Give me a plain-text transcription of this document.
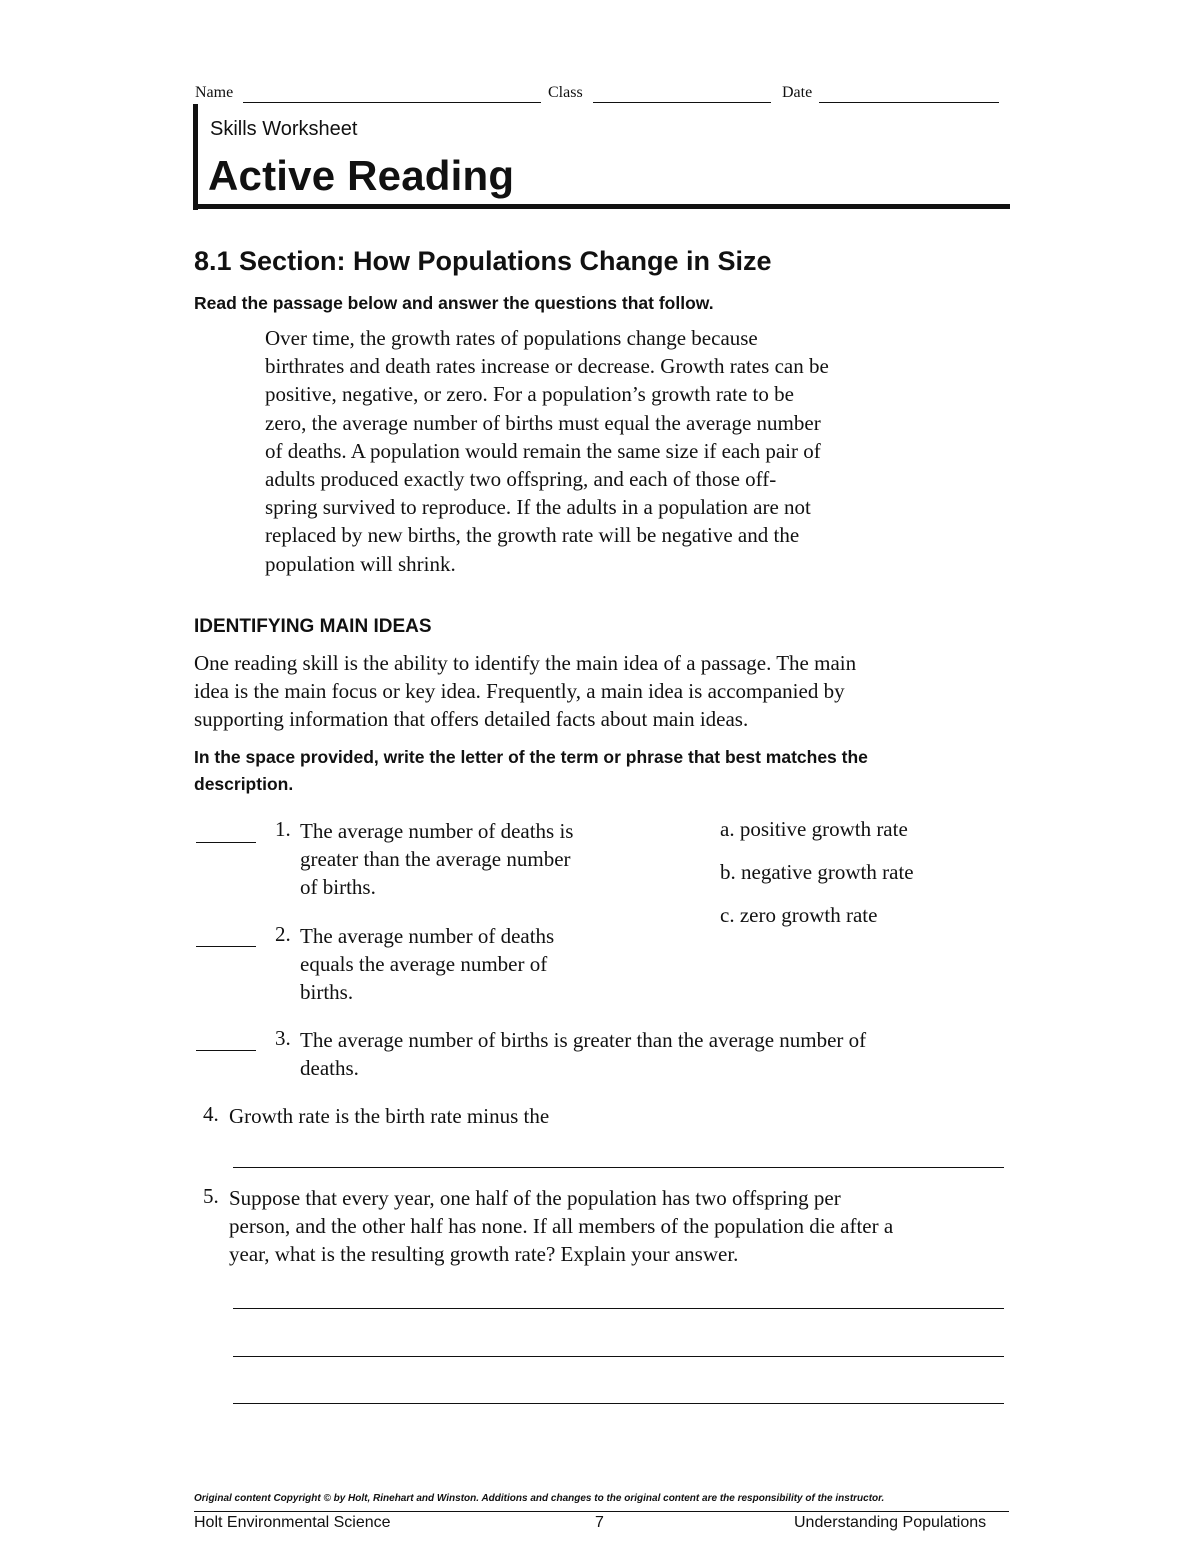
Name	Class	Date
Skills Worksheet
Active Reading
8.1 Section: How Populations Change in Size
Read the passage below and answer the questions that follow.
Over time, the growth rates of populations change because
birthrates and death rates increase or decrease. Growth rates can be
positive, negative, or zero. For a population’s growth rate to be
zero, the average number of births must equal the average number
of deaths. A population would remain the same size if each pair of
adults produced exactly two offspring, and each of those off-
spring survived to reproduce. If the adults in a population are not
replaced by new births, the growth rate will be negative and the
population will shrink.
IDENTIFYING MAIN IDEAS
One reading skill is the ability to identify the main idea of a passage. The main
idea is the main focus or key idea. Frequently, a main idea is accompanied by
supporting information that offers detailed facts about main ideas.
In the space provided, write the letter of the term or phrase that best matches the
description.
1. The average number of deaths is
greater than the average number
of births.
2. The average number of deaths
equals the average number of
births.
3. The average number of births is greater than the average number of
deaths.
a. positive growth rate
b. negative growth rate
c. zero growth rate
4. Growth rate is the birth rate minus the
5. Suppose that every year, one half of the population has two offspring per
person, and the other half has none. If all members of the population die after a
year, what is the resulting growth rate? Explain your answer.
Original content Copyright © by Holt, Rinehart and Winston. Additions and changes to the original content are the responsibility of the instructor.
Holt Environmental Science	7	Understanding Populations
